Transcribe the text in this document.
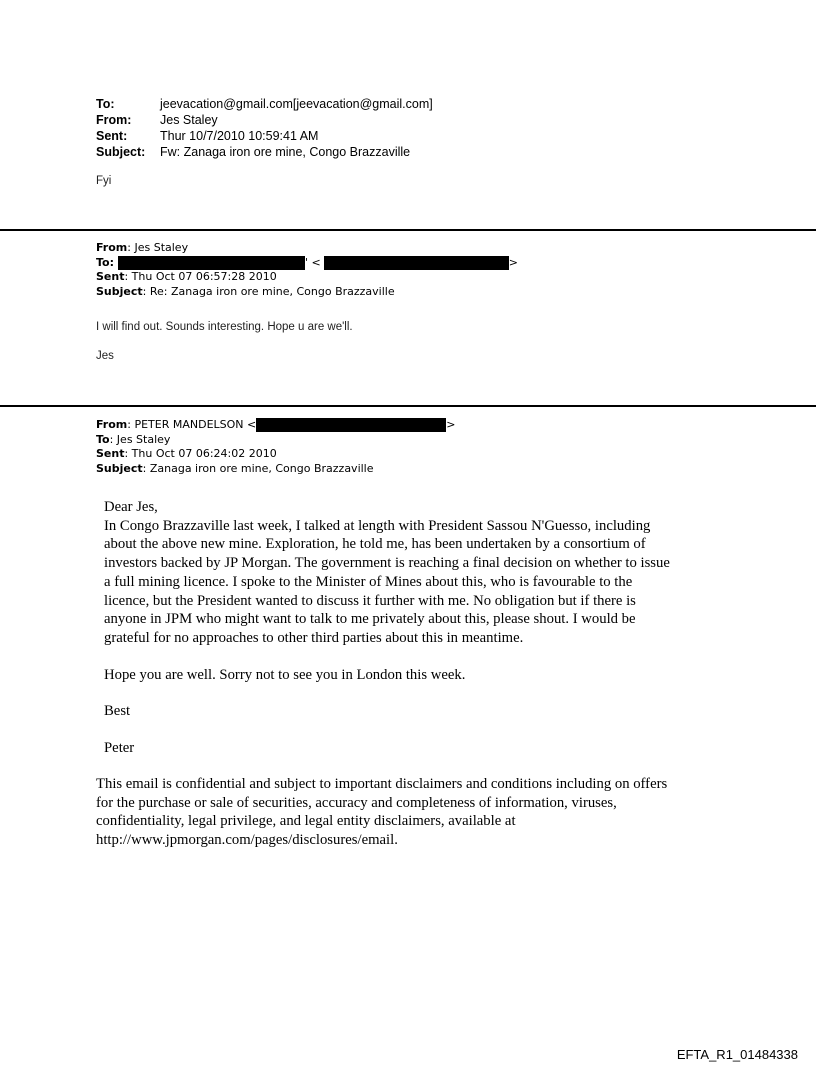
To:	jeevacation@gmail.com[jeevacation@gmail.com]
From:	Jes Staley
Sent:	Thur 10/7/2010 10:59:41 AM
Subject:	Fw: Zanaga iron ore mine, Congo Brazzaville
Fyi
From : Jes Staley
To :	' <	>
Sent : Thu Oct 07 06:57:28 2010
Subject : Re: Zanaga iron ore mine, Congo Brazzaville
I will find out. Sounds interesting. Hope u are we'll.
Jes
From : PETER MANDELSON <	>
To : Jes Staley
Sent : Thu Oct 07 06:24:02 2010
Subject : Zanaga iron ore mine, Congo Brazzaville

Dear Jes,

In Congo Brazzaville last week, I talked at length with President Sassou N'Guesso, including
about the above new mine. Exploration, he told me, has been undertaken by a consortium of
investors backed by JP Morgan. The government is reaching a final decision on whether to issue
a full mining licence. I spoke to the Minister of Mines about this, who is favourable to the
licence, but the President wanted to discuss it further with me. No obligation but if there is
anyone in JPM who might want to talk to me privately about this, please shout. I would be
grateful for no approaches to other third parties about this in meantime.

Hope you are well. Sorry not to see you in London this week.

Best

Peter

This email is confidential and subject to important disclaimers and conditions including on offers
for the purchase or sale of securities, accuracy and completeness of information, viruses,
confidentiality, legal privilege, and legal entity disclaimers, available at
http://www.jpmorgan.com/pages/disclosures/email.
EFTA_R1_01484338
